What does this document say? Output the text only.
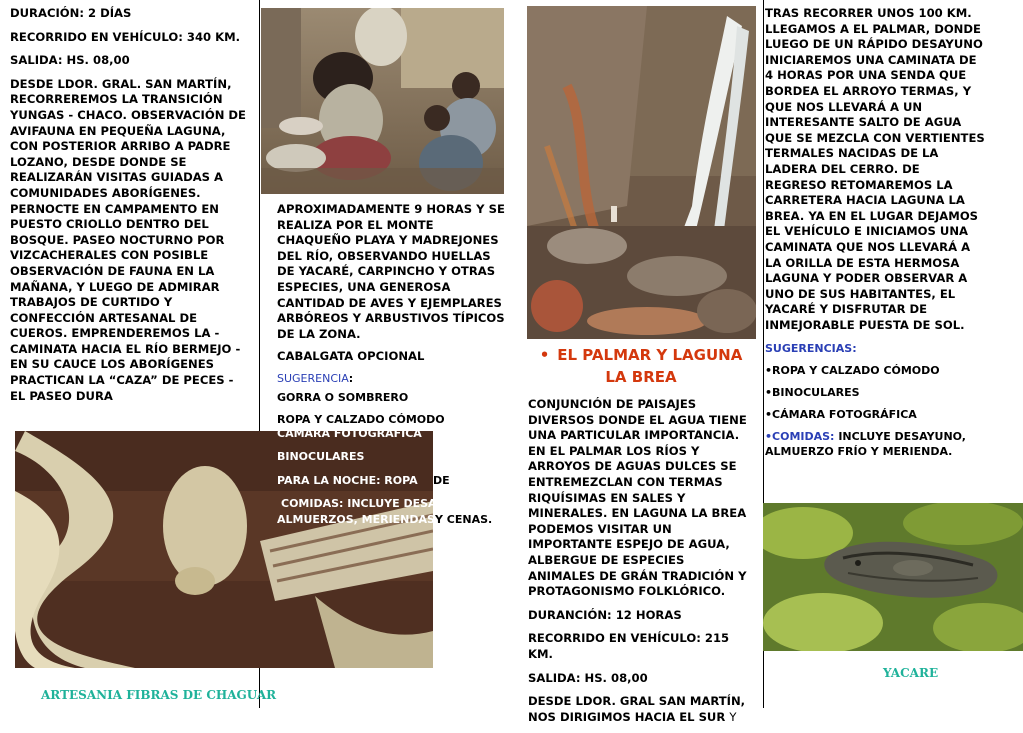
DURACIÓN: 2 DÍAS

RECORRIDO EN VEHÍCULO: 340 KM.

SALIDA: HS. 08,00

DESDE LDOR. GRAL. SAN MARTÍN, RECORREREMOS LA TRANSICIÓN YUNGAS - CHACO. OBSERVACIÓN DE AVIFAUNA EN PEQUEÑA LAGUNA, CON POSTERIOR ARRIBO A PADRE LOZANO, DESDE DONDE SE REALIZARÁN VISITAS GUIADAS A COMUNIDADES ABORÍGENES. PERNOCTE EN CAMPAMENTO EN PUESTO CRIOLLO DENTRO DEL BOSQUE. PASEO NOCTURNO POR VIZCACHERALES CON POSIBLE OBSERVACIÓN DE FAUNA EN LA MAÑANA, Y LUEGO DE ADMIRAR TRABAJOS DE CURTIDO Y CONFECCIÓN ARTESANAL DE CUEROS. EMPRENDEREMOS LA - CAMINATA HACIA EL RÍO BERMEJO - EN SU CAUCE LOS ABORÍGENES PRACTICAN LA “CAZA” DE PECES - EL PASEO DURA

APROXIMADAMENTE 9 HORAS Y SE REALIZA POR EL MONTE CHAQUEÑO PLAYA Y MADREJONES DEL RÍO, OBSERVANDO HUELLAS DE YACARÉ, CARPINCHO Y OTRAS ESPECIES, UNA GENEROSA CANTIDAD DE AVES Y EJEMPLARES ARBÓREOS Y ARBUSTIVOS TÍPICOS DE LA ZONA.

CABALGATA OPCIONAL

SUGERENCIA:

GORRA O SOMBRERO

ROPA Y CALZADO CÓMODO

CAMARA FOTOGRAFICA
BINOCULARES
PARA LA NOCHE: ROPA DE
COMIDAS: INCLUYE DESAYUNOS
ALMUERZOS, MERIENDAS Y CENAS.
ARTESANIA FIBRAS DE CHAGUAR
• EL PALMAR Y LAGUNA LA BREA

CONJUNCIÓN DE PAISAJES DIVERSOS DONDE EL AGUA TIENE UNA PARTICULAR IMPORTANCIA. EN EL PALMAR LOS RÍOS Y ARROYOS DE AGUAS DULCES SE ENTREMEZCLAN CON TERMAS RIQUÍSIMAS EN SALES Y MINERALES. EN LAGUNA LA BREA PODEMOS VISITAR UN IMPORTANTE ESPEJO DE AGUA, ALBERGUE DE ESPECIES ANIMALES DE GRÁN TRADICIÓN Y PROTAGONISMO FOLKLÓRICO.

DURANCIÓN: 12 HORAS

RECORRIDO EN VEHÍCULO: 215 KM.

SALIDA: HS. 08,00

DESDE LDOR. GRAL SAN MARTÍN, NOS DIRIGIMOS HACIA EL SUR Y

TRAS RECORRER UNOS 100 KM. LLEGAMOS A EL PALMAR, DONDE LUEGO DE UN RÁPIDO DESAYUNO INICIAREMOS UNA CAMINATA DE 4 HORAS POR UNA SENDA QUE BORDEA EL ARROYO TERMAS, Y QUE NOS LLEVARÁ A UN INTERESANTE SALTO DE AGUA QUE SE MEZCLA CON VERTIENTES TERMALES NACIDAS DE LA LADERA DEL CERRO. DE REGRESO RETOMAREMOS LA CARRETERA HACIA LAGUNA LA BREA. YA EN EL LUGAR DEJAMOS EL VEHÍCULO E INICIAMOS UNA CAMINATA QUE NOS LLEVARÁ A LA ORILLA DE ESTA HERMOSA LAGUNA Y PODER OBSERVAR A UNO DE SUS HABITANTES, EL YACARÉ Y DISFRUTAR DE INMEJORABLE PUESTA DE SOL.

SUGERENCIAS:

•ROPA Y CALZADO CÓMODO

•BINOCULARES

•CÁMARA FOTOGRÁFICA

•COMIDAS: INCLUYE DESAYUNO, ALMUERZO FRÍO Y MERIENDA.

YACARE
